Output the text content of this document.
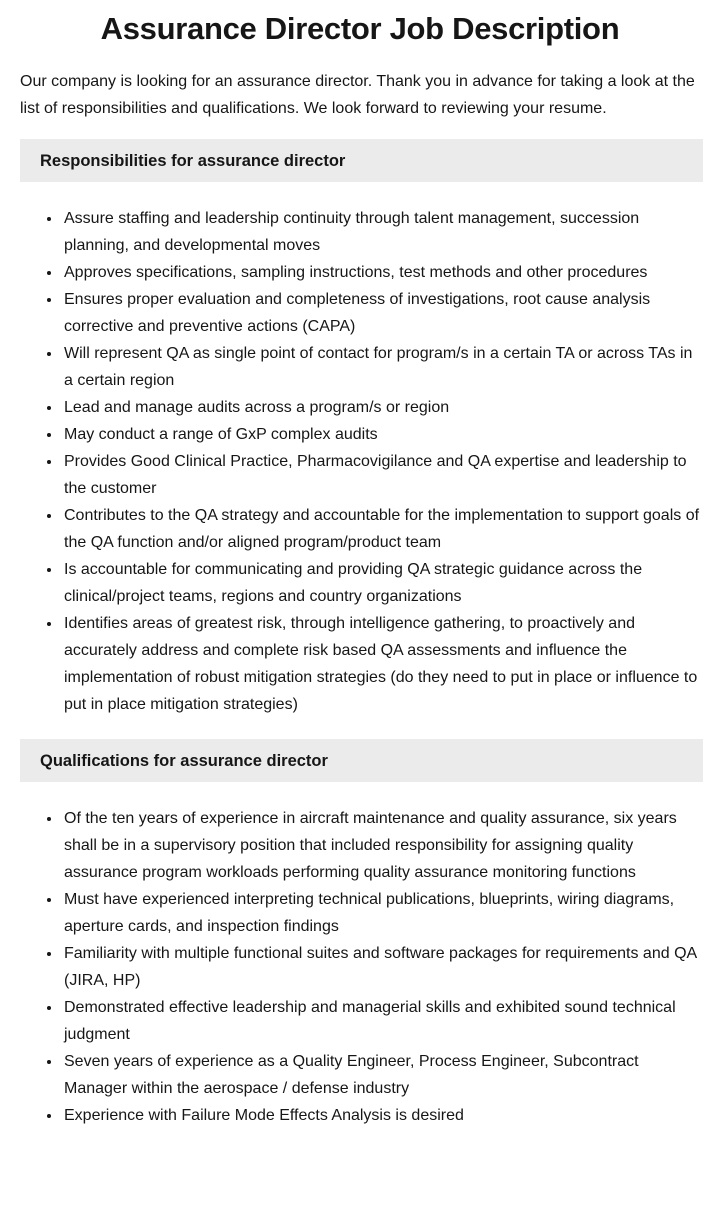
Assurance Director Job Description

Our company is looking for an assurance director. Thank you in advance for taking a look at the list of responsibilities and qualifications. We look forward to reviewing your resume.

Responsibilities for assurance director
• Assure staffing and leadership continuity through talent management, succession planning, and developmental moves
• Approves specifications, sampling instructions, test methods and other procedures
• Ensures proper evaluation and completeness of investigations, root cause analysis corrective and preventive actions (CAPA)
• Will represent QA as single point of contact for program/s in a certain TA or across TAs in a certain region
• Lead and manage audits across a program/s or region
• May conduct a range of GxP complex audits
• Provides Good Clinical Practice, Pharmacovigilance and QA expertise and leadership to the customer
• Contributes to the QA strategy and accountable for the implementation to support goals of the QA function and/or aligned program/product team
• Is accountable for communicating and providing QA strategic guidance across the clinical/project teams, regions and country organizations
• Identifies areas of greatest risk, through intelligence gathering, to proactively and accurately address and complete risk based QA assessments and influence the implementation of robust mitigation strategies (do they need to put in place or influence to put in place mitigation strategies)
Qualifications for assurance director
• Of the ten years of experience in aircraft maintenance and quality assurance, six years shall be in a supervisory position that included responsibility for assigning quality assurance program workloads performing quality assurance monitoring functions
• Must have experienced interpreting technical publications, blueprints, wiring diagrams, aperture cards, and inspection findings
• Familiarity with multiple functional suites and software packages for requirements and QA (JIRA, HP)
• Demonstrated effective leadership and managerial skills and exhibited sound technical judgment
• Seven years of experience as a Quality Engineer, Process Engineer, Subcontract Manager within the aerospace / defense industry
• Experience with Failure Mode Effects Analysis is desired
